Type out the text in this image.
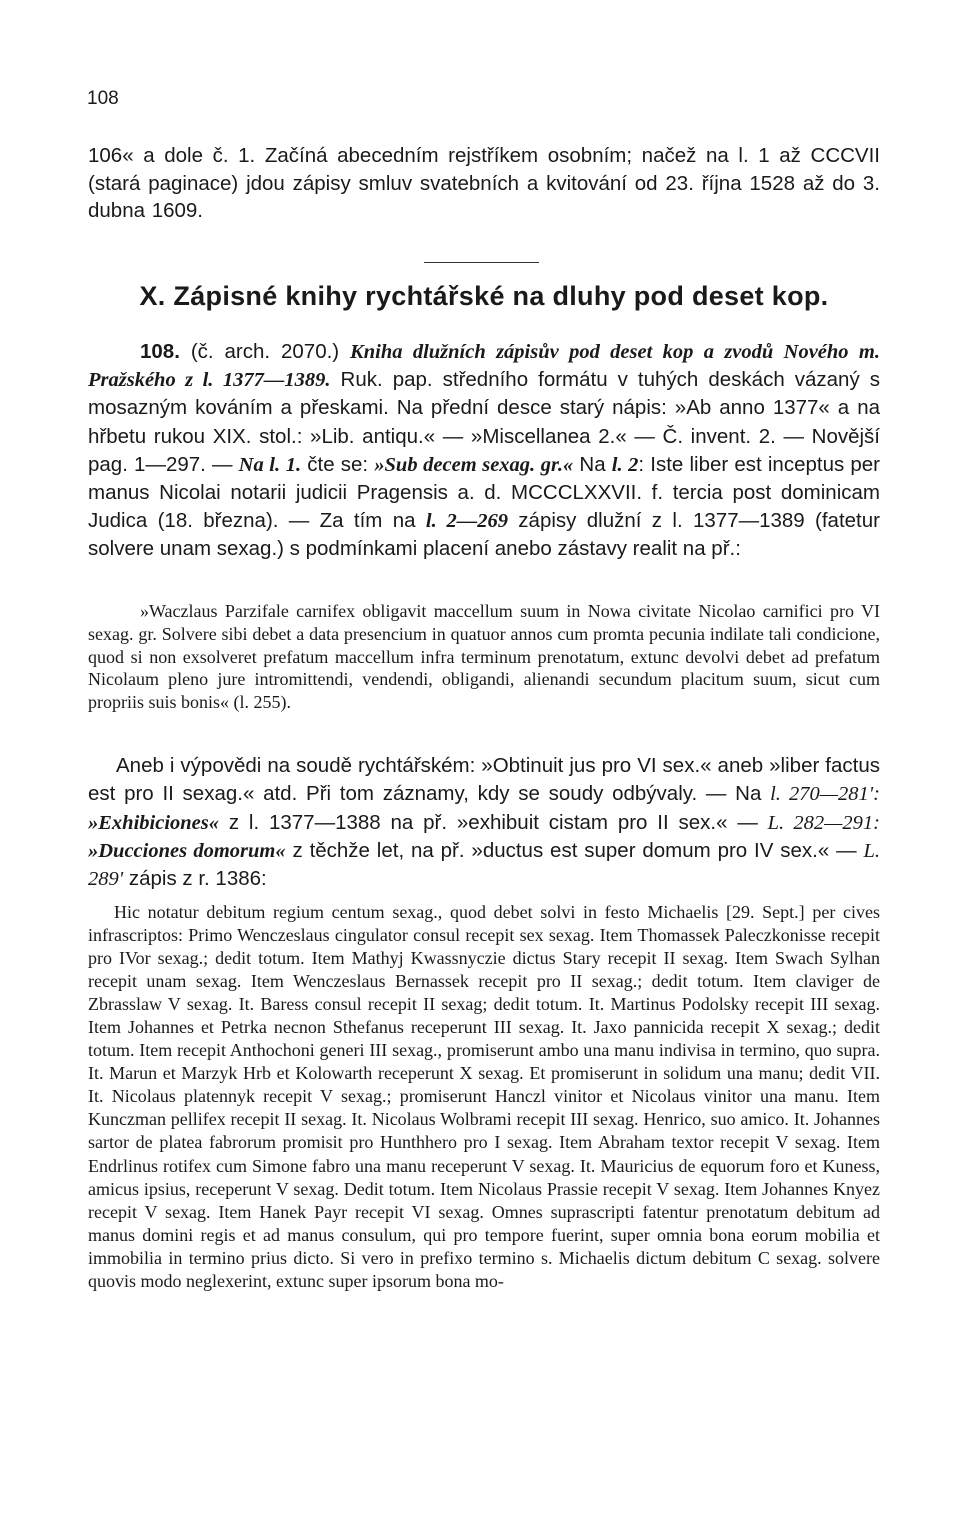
108

106« a dole č. 1. Začíná abecedním rejstříkem osobním; načež na l. 1 až CCCVII (stará paginace) jdou zápisy smluv svatebních a kvitování od 23. října 1528 až do 3. dubna 1609.

X. Zápisné knihy rychtářské na dluhy pod deset kop.

108. (č. arch. 2070.) Kniha dlužních zápisův pod deset kop a zvodů Nového m. Pražského z l. 1377—1389. Ruk. pap. středního formátu v tuhých deskách vázaný s mosazným kováním a přeskami. Na přední desce starý nápis: »Ab anno 1377« a na hřbetu rukou XIX. stol.: »Lib. antiqu.« — »Miscellanea 2.« — Č. invent. 2. — Novější pag. 1—297. — Na l. 1. čte se: »Sub decem sexag. gr.« Na l. 2: Iste liber est inceptus per manus Nicolai notarii judicii Pragensis a. d. MCCCLXXVII. f. tercia post dominicam Judica (18. března). — Za tím na l. 2—269 zápisy dlužní z l. 1377—1389 (fatetur solvere unam sexag.) s podmínkami placení anebo zástavy realit na př.:

»Waczlaus Parzifale carnifex obligavit maccellum suum in Nowa civitate Nicolao carnifici pro VI sexag. gr. Solvere sibi debet a data presencium in quatuor annos cum promta pecunia indilate tali condicione, quod si non exsolveret prefatum maccellum infra terminum prenotatum, extunc devolvi debet ad prefatum Nicolaum pleno jure intromittendi, vendendi, obligandi, alienandi secundum placitum suum, sicut cum propriis suis bonis« (l. 255).

Aneb i výpovědi na soudě rychtářském: »Obtinuit jus pro VI sex.« aneb »liber factus est pro II sexag.« atd. Při tom záznamy, kdy se soudy odbývaly. — Na l. 270—281': »Exhibiciones« z l. 1377—1388 na př. »exhibuit cistam pro II sex.« — L. 282—291: »Ducciones domorum« z těchže let, na př. »ductus est super domum pro IV sex.« — L. 289' zápis z r. 1386:

Hic notatur debitum regium centum sexag., quod debet solvi in festo Michaelis [29. Sept.] per cives infrascriptos: Primo Wenczeslaus cingulator consul recepit sex sexag. Item Thomassek Paleczkonisse recepit pro IVor sexag.; dedit totum. Item Mathyj Kwassnyczie dictus Stary recepit II sexag. Item Swach Sylhan recepit unam sexag. Item Wenczeslaus Bernassek recepit pro II sexag.; dedit totum. Item claviger de Zbrasslaw V sexag. It. Baress consul recepit II sexag; dedit totum. It. Martinus Podolsky recepit III sexag. Item Johannes et Petrka necnon Sthefanus receperunt III sexag. It. Jaxo pannicida recepit X sexag.; dedit totum. Item recepit Anthochoni generi III sexag., promiserunt ambo una manu indivisa in termino, quo supra. It. Marun et Marzyk Hrb et Kolowarth receperunt X sexag. Et promiserunt in solidum una manu; dedit VII. It. Nicolaus platennyk recepit V sexag.; promiserunt Hanczl vinitor et Nicolaus vinitor una manu. Item Kunczman pellifex recepit II sexag. It. Nicolaus Wolbrami recepit III sexag. Henrico, suo amico. It. Johannes sartor de platea fabrorum promisit pro Hunthhero pro I sexag. Item Abraham textor recepit V sexag. Item Endrlinus rotifex cum Simone fabro una manu receperunt V sexag. It. Mauricius de equorum foro et Kuness, amicus ipsius, receperunt V sexag. Dedit totum. Item Nicolaus Prassie recepit V sexag. Item Johannes Knyez recepit V sexag. Item Hanek Payr recepit VI sexag. Omnes suprascripti fatentur prenotatum debitum ad manus domini regis et ad manus consulum, qui pro tempore fuerint, super omnia bona eorum mobilia et immobilia in termino prius dicto. Si vero in prefixo termino s. Michaelis dictum debitum C sexag. solvere quovis modo neglexerint, extunc super ipsorum bona mo-
